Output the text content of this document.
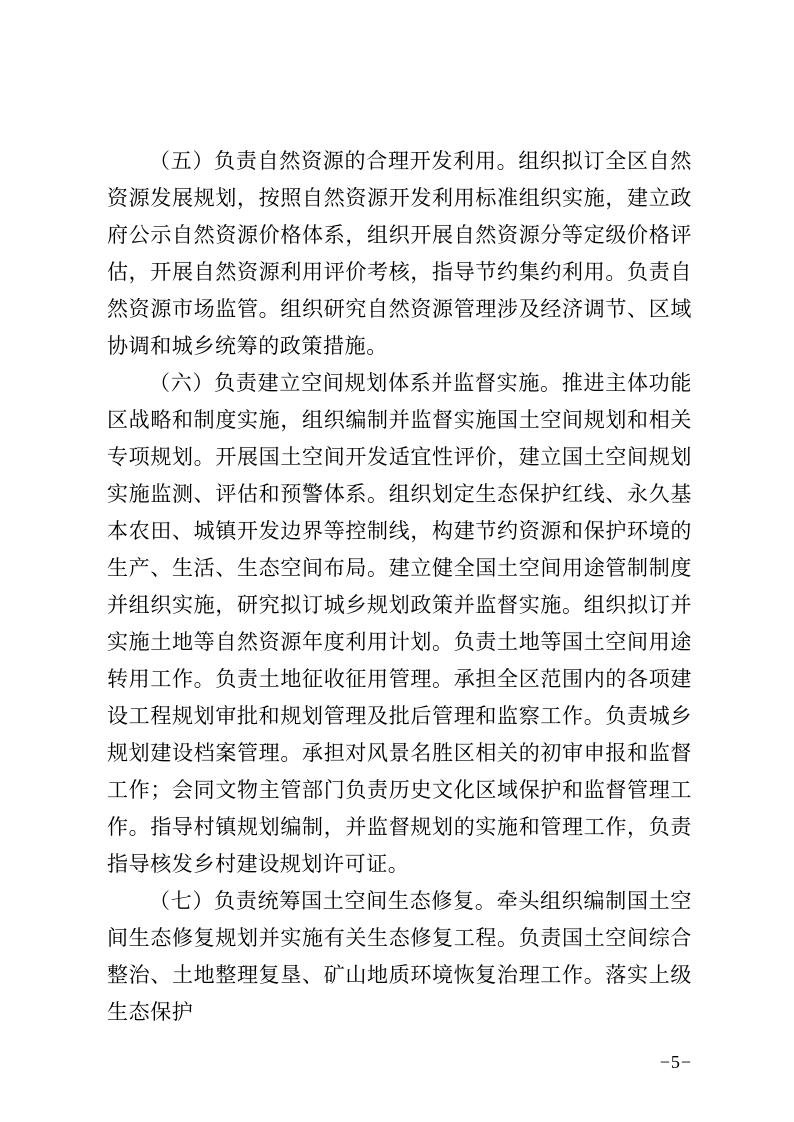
（五）负责自然资源的合理开发利用。组织拟订全区自然资源发展规划，按照自然资源开发利用标准组织实施，建立政府公示自然资源价格体系，组织开展自然资源分等定级价格评估，开展自然资源利用评价考核，指导节约集约利用。负责自然资源市场监管。组织研究自然资源管理涉及经济调节、区域协调和城乡统筹的政策措施。

（六）负责建立空间规划体系并监督实施。推进主体功能区战略和制度实施，组织编制并监督实施国土空间规划和相关专项规划。开展国土空间开发适宜性评价，建立国土空间规划实施监测、评估和预警体系。组织划定生态保护红线、永久基本农田、城镇开发边界等控制线，构建节约资源和保护环境的生产、生活、生态空间布局。建立健全国土空间用途管制制度并组织实施，研究拟订城乡规划政策并监督实施。组织拟订并实施土地等自然资源年度利用计划。负责土地等国土空间用途转用工作。负责土地征收征用管理。承担全区范围内的各项建设工程规划审批和规划管理及批后管理和监察工作。负责城乡规划建设档案管理。承担对风景名胜区相关的初审申报和监督工作；会同文物主管部门负责历史文化区域保护和监督管理工作。指导村镇规划编制，并监督规划的实施和管理工作，负责指导核发乡村建设规划许可证。

（七）负责统筹国土空间生态修复。牵头组织编制国土空间生态修复规划并实施有关生态修复工程。负责国土空间综合整治、土地整理复垦、矿山地质环境恢复治理工作。落实上级生态保护

−5−
